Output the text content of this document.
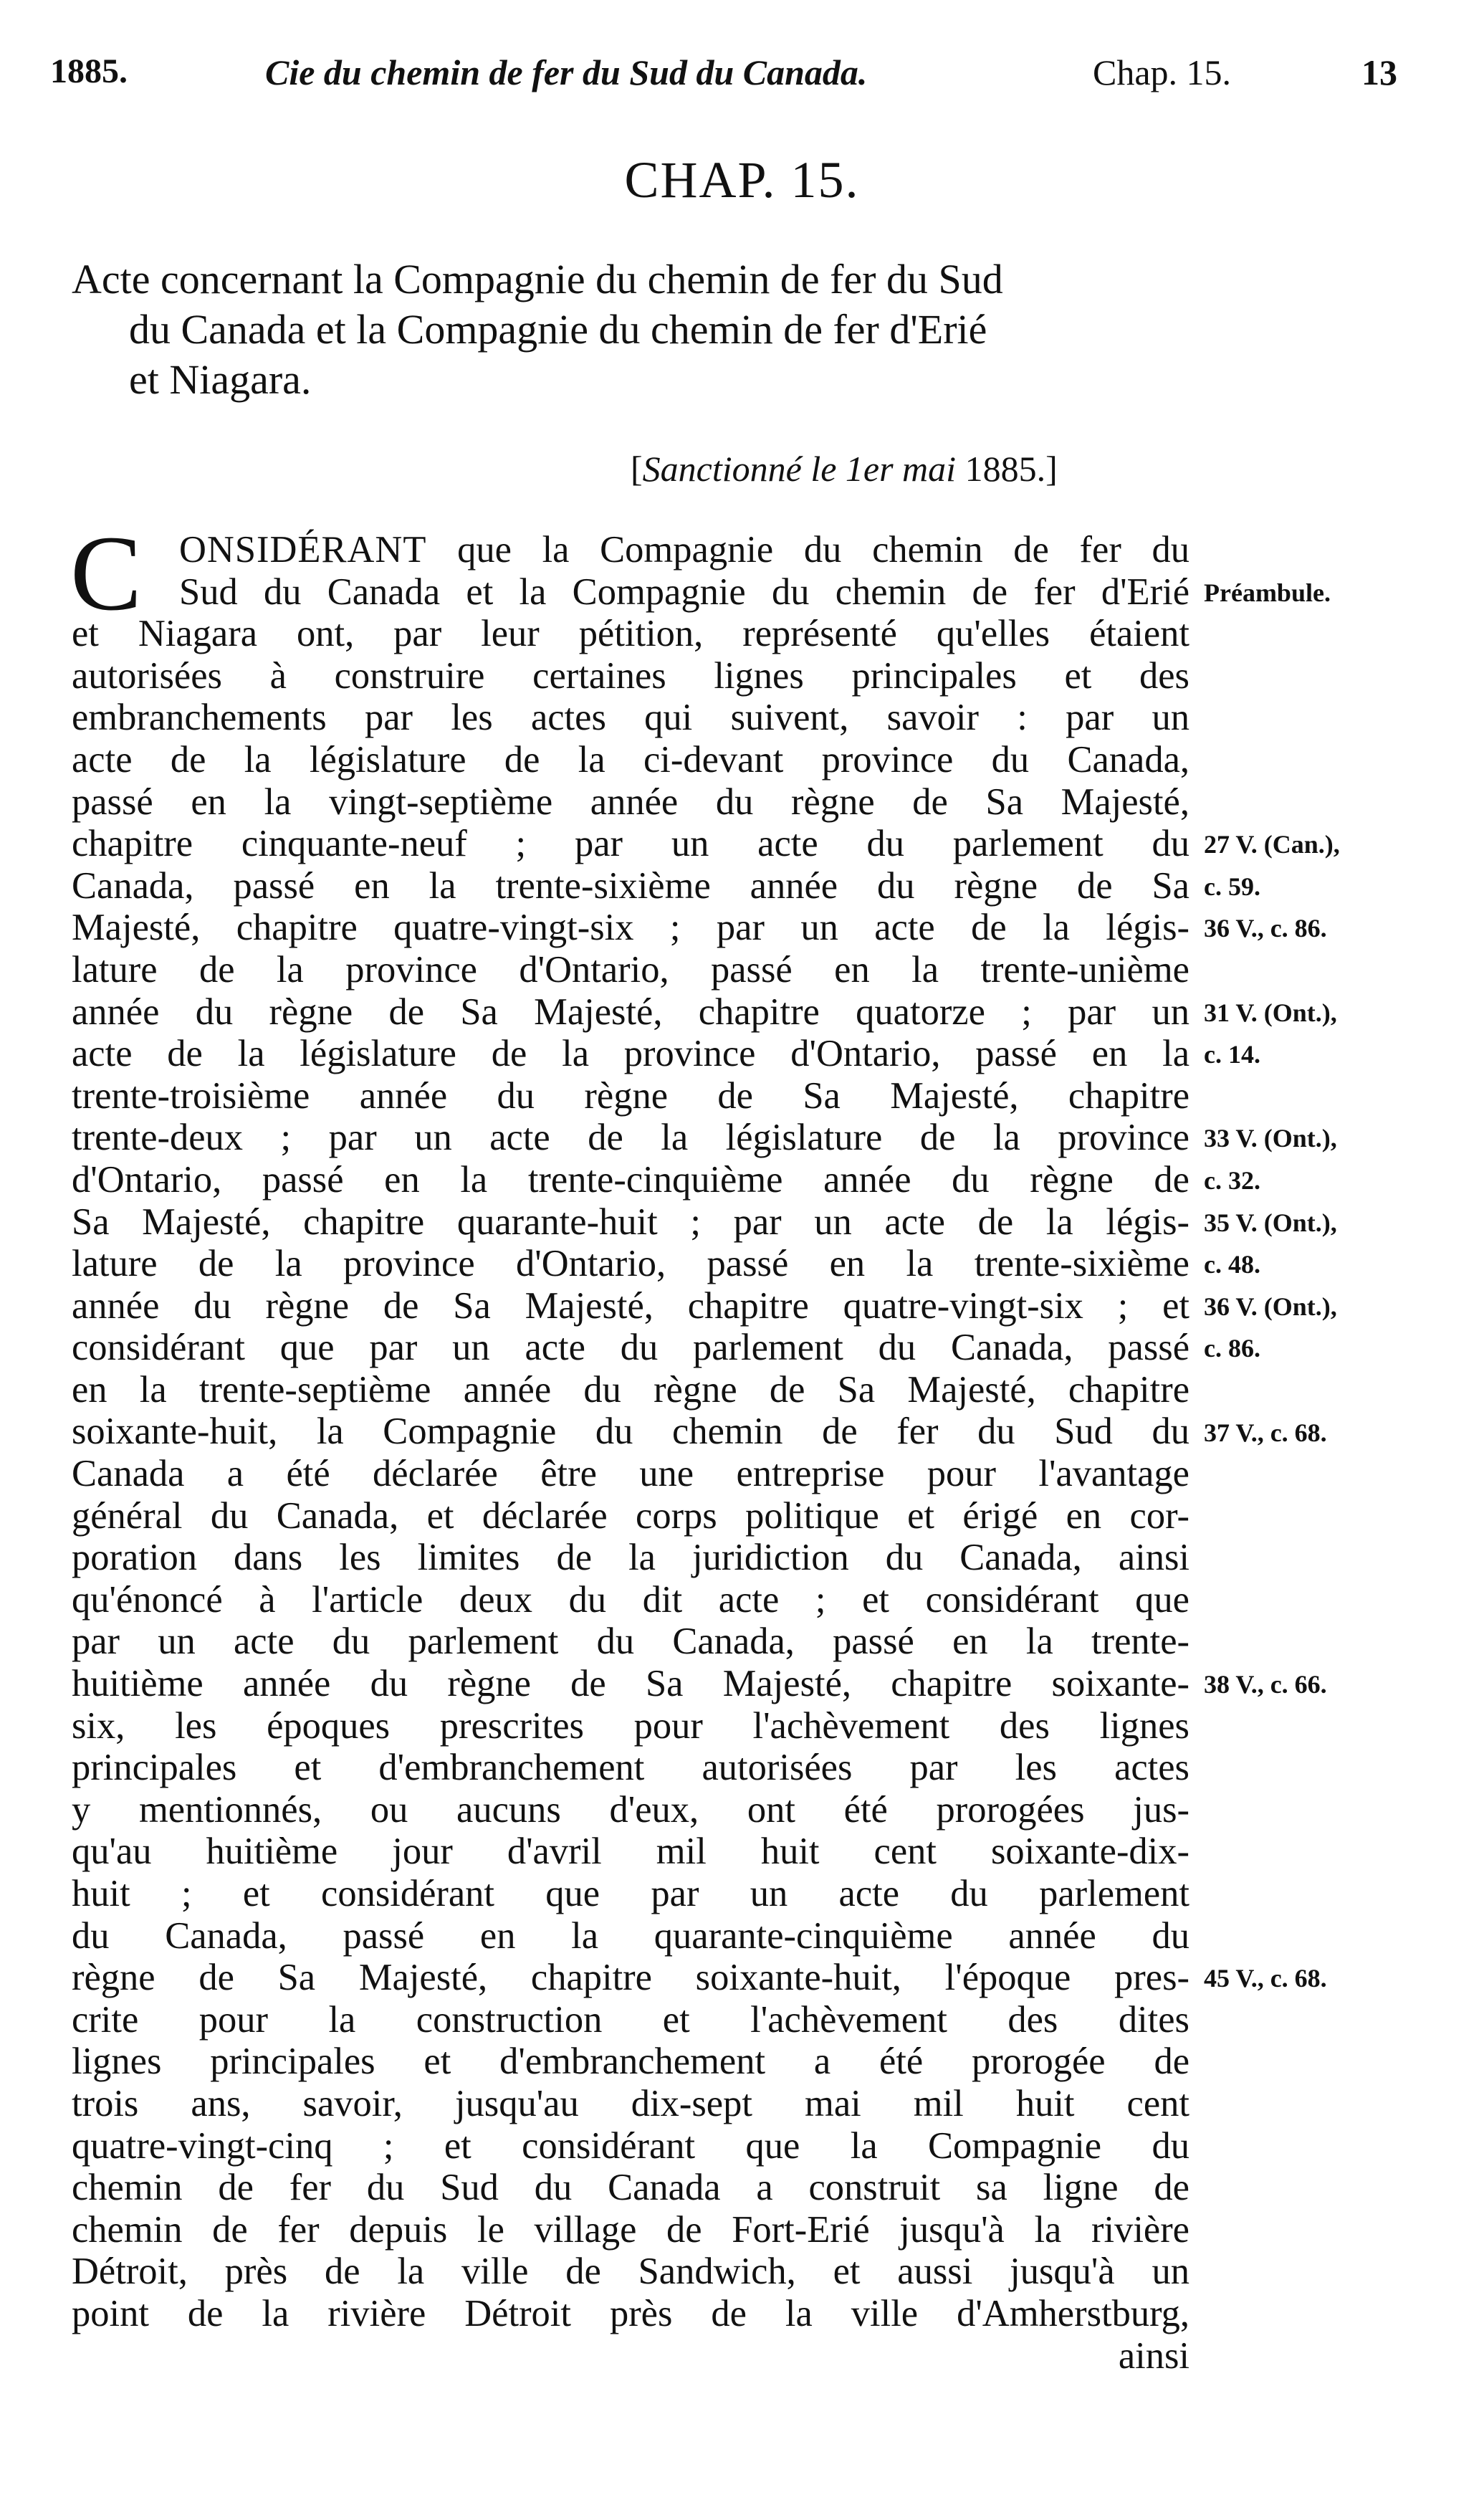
1885.	Cie du chemin de fer du Sud du Canada.	Chap. 15.	13
CHAP. 15.
Acte concernant la Compagnie du chemin de fer du Sud
du Canada et la Compagnie du chemin de fer d'Erié
et Niagara.
[Sanctionné le 1er mai 1885.]
C ONSIDÉRANT que la Compagnie du chemin de fer du
Sud du Canada et la Compagnie du chemin de fer d'Erié
et Niagara ont, par leur pétition, représenté qu'elles étaient
autorisées à construire certaines lignes principales et des
embranchements par les actes qui suivent, savoir : par un
acte de la législature de la ci-devant province du Canada,
passé en la vingt-septième année du règne de Sa Majesté,
chapitre cinquante-neuf ; par un acte du parlement du
Canada, passé en la trente-sixième année du règne de Sa
Majesté, chapitre quatre-vingt-six ; par un acte de la légis-
lature de la province d'Ontario, passé en la trente-unième
année du règne de Sa Majesté, chapitre quatorze ; par un
acte de la législature de la province d'Ontario, passé en la
trente-troisième année du règne de Sa Majesté, chapitre
trente-deux ; par un acte de la législature de la province
d'Ontario, passé en la trente-cinquième année du règne de
Sa Majesté, chapitre quarante-huit ; par un acte de la légis-
lature de la province d'Ontario, passé en la trente-sixième
année du règne de Sa Majesté, chapitre quatre-vingt-six ; et
considérant que par un acte du parlement du Canada, passé
en la trente-septième année du règne de Sa Majesté, chapitre
soixante-huit, la Compagnie du chemin de fer du Sud du
Canada a été déclarée être une entreprise pour l'avantage
général du Canada, et déclarée corps politique et érigé en cor-
poration dans les limites de la juridiction du Canada, ainsi
qu'énoncé à l'article deux du dit acte ; et considérant que
par un acte du parlement du Canada, passé en la trente-
huitième année du règne de Sa Majesté, chapitre soixante-
six, les époques prescrites pour l'achèvement des lignes
principales et d'embranchement autorisées par les actes
y mentionnés, ou aucuns d'eux, ont été prorogées jus-
qu'au huitième jour d'avril mil huit cent soixante-dix-
huit ; et considérant que par un acte du parlement
du Canada, passé en la quarante-cinquième année du
règne de Sa Majesté, chapitre soixante-huit, l'époque pres-
crite pour la construction et l'achèvement des dites
lignes principales et d'embranchement a été prorogée de
trois ans, savoir, jusqu'au dix-sept mai mil huit cent
quatre-vingt-cinq ; et considérant que la Compagnie du
chemin de fer du Sud du Canada a construit sa ligne de
chemin de fer depuis le village de Fort-Erié jusqu'à la rivière
Détroit, près de la ville de Sandwich, et aussi jusqu'à un
point de la rivière Détroit près de la ville d'Amherstburg,
ainsi
Préambule.
27 V. (Can.),
c. 59.
36 V., c. 86.
31 V. (Ont.),
c. 14.
33 V. (Ont.),
c. 32.
35 V. (Ont.),
c. 48.
36 V. (Ont.),
c. 86.
37 V., c. 68.
38 V., c. 66.
45 V., c. 68.
